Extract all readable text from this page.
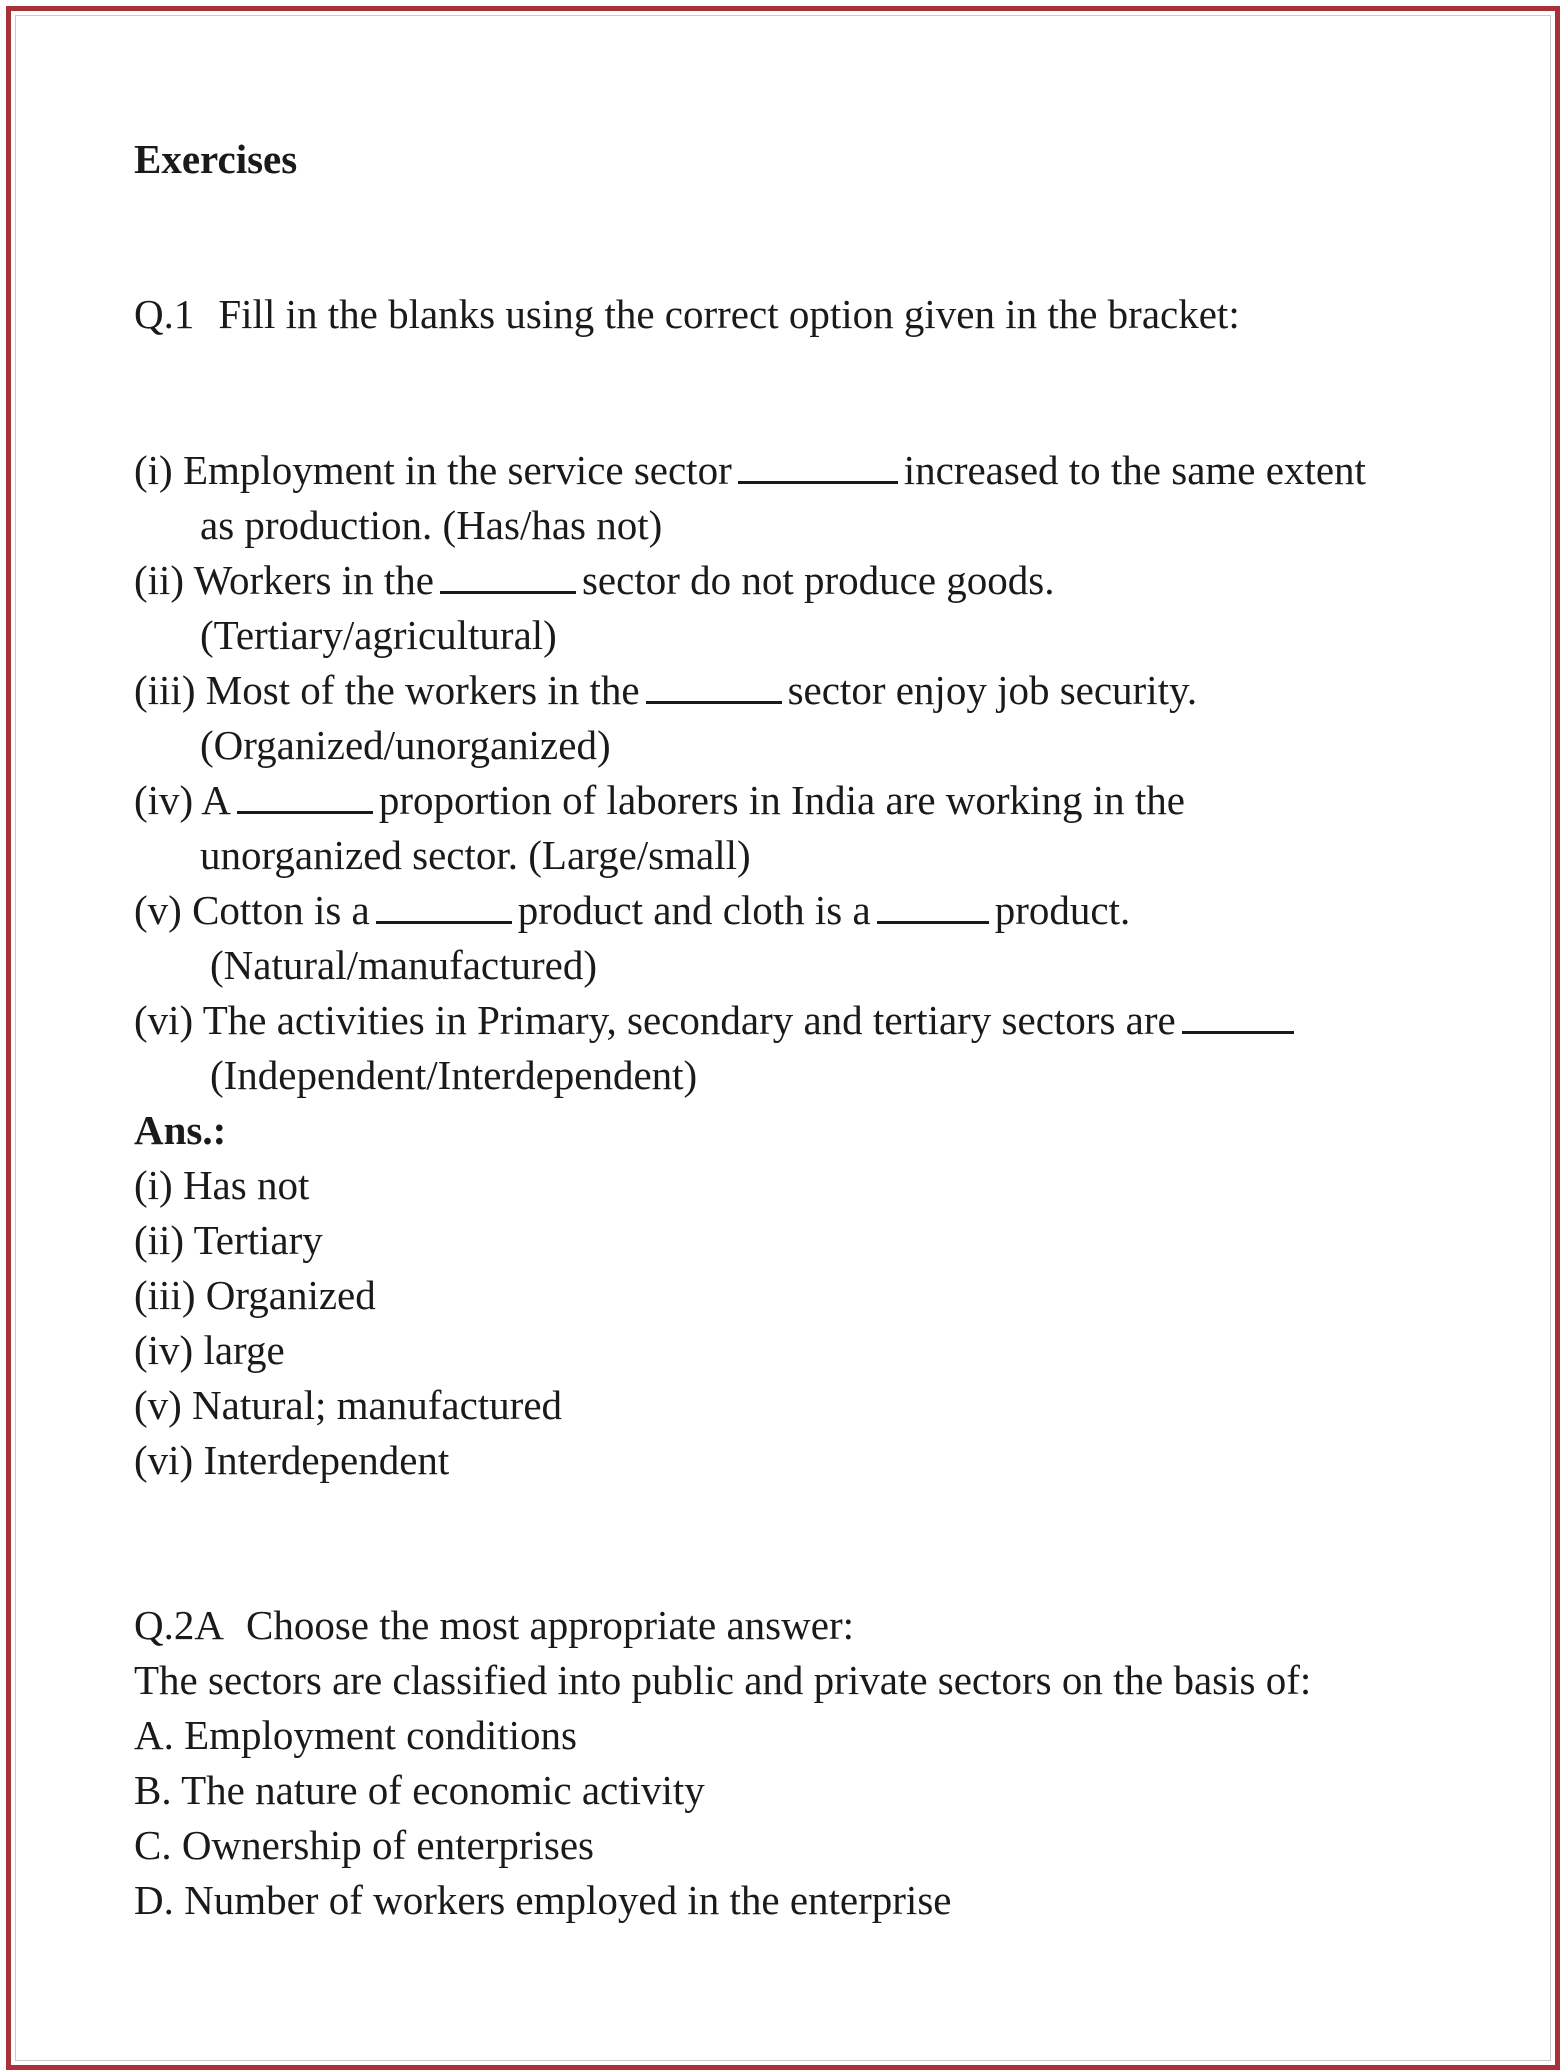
Exercises
Q.1 Fill in the blanks using the correct option given in the bracket:
(i) Employment in the service sector	increased to the same extent
as production. (Has/has not)
(ii) Workers in the	sector do not produce goods.
(Tertiary/agricultural)
(iii) Most of the workers in the	sector enjoy job security.
(Organized/unorganized)
(iv) A	proportion of laborers in India are working in the
unorganized sector. (Large/small)
(v) Cotton is a	product and cloth is a	product.
(Natural/manufactured)
(vi) The activities in Primary, secondary and tertiary sectors are
(Independent/Interdependent)
Ans.:
(i) Has not
(ii) Tertiary
(iii) Organized
(iv) large
(v) Natural; manufactured
(vi) Interdependent
Q.2A Choose the most appropriate answer:
The sectors are classified into public and private sectors on the basis of:
A. Employment conditions
B. The nature of economic activity
C. Ownership of enterprises
D. Number of workers employed in the enterprise
